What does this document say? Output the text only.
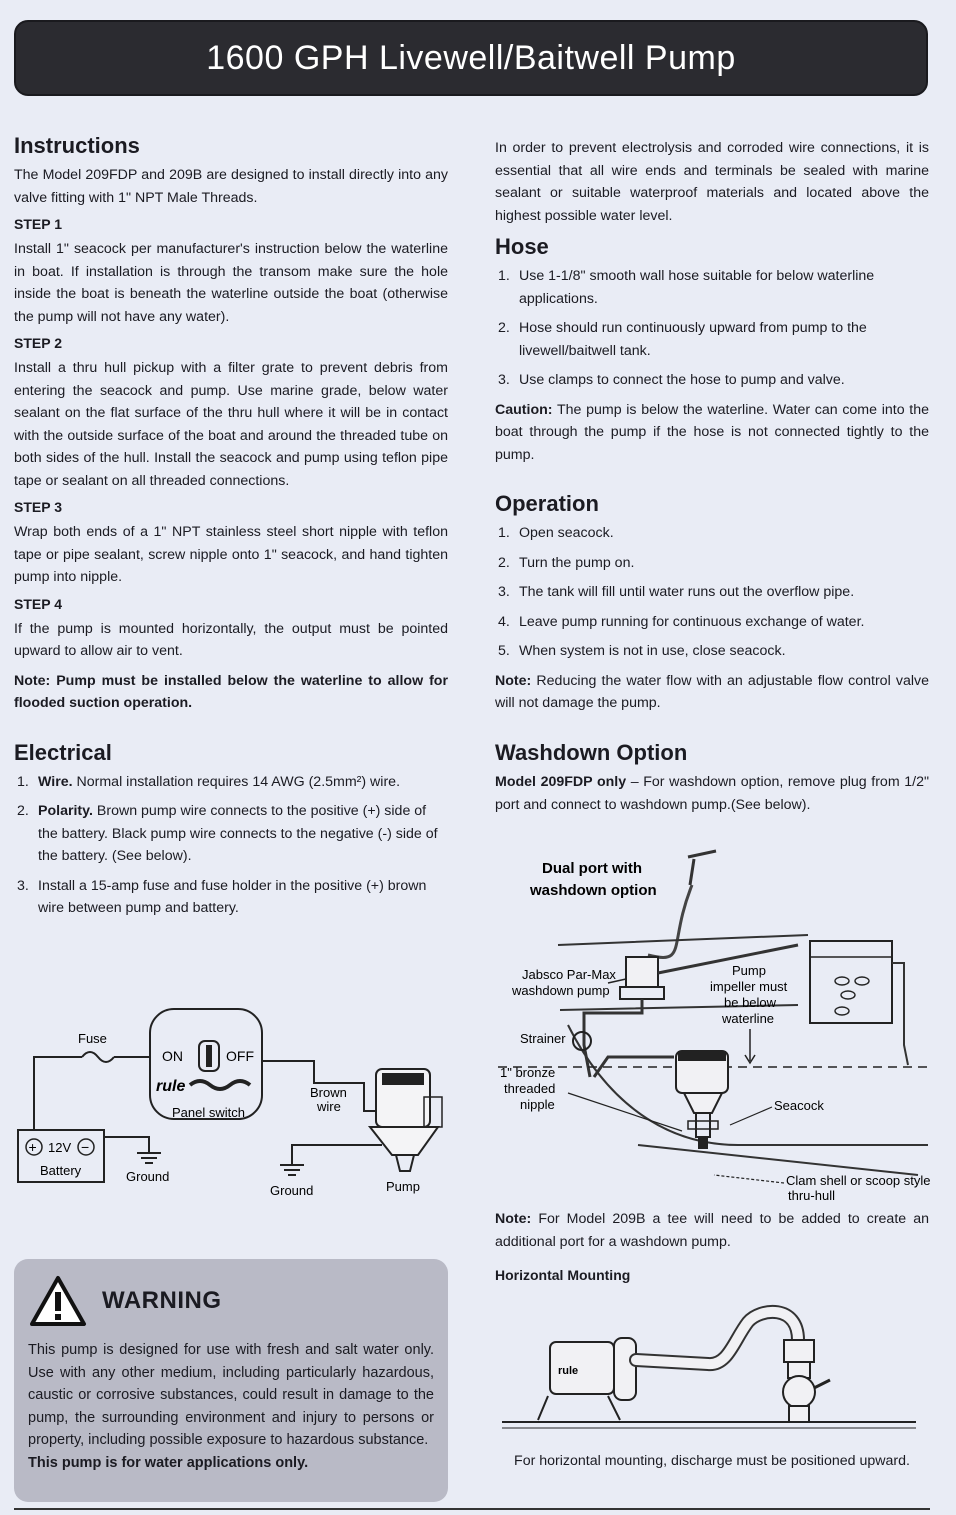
1600 GPH Livewell/Baitwell Pump
Instructions

The Model 209FDP and 209B are designed to install directly into any valve fitting with 1" NPT Male Threads.

STEP 1

Install 1" seacock per manufacturer's instruction below the waterline in boat. If installation is through the transom make sure the hole inside the boat is beneath the waterline outside the boat (otherwise the pump will not have any water).

STEP 2

Install a thru hull pickup with a filter grate to prevent debris from entering the seacock and pump. Use marine grade, below water sealant on the flat surface of the thru hull where it will be in contact with the outside surface of the boat and around the threaded tube on both sides of the hull. Install the seacock and pump using teflon pipe tape or sealant on all threaded connections.

STEP 3

Wrap both ends of a 1" NPT stainless steel short nipple with teflon tape or pipe sealant, screw nipple onto 1" seacock, and hand tighten pump into nipple.

STEP 4

If the pump is mounted horizontally, the output must be pointed upward to allow air to vent.

Note: Pump must be installed below the waterline to allow for flooded suction operation.

Electrical
1. Wire. Normal installation requires 14 AWG (2.5mm²) wire.
2. Polarity. Brown pump wire connects to the positive (+) side of the battery. Black pump wire connects to the negative (-) side of the battery. (See below).
3. Install a 15-amp fuse and fuse holder in the positive (+) brown wire between pump and battery.
Fuse
ON	OFF
rule
Panel switch
Brown
wire
+ 12V −
Battery	Ground
Ground	Pump
WARNING

This pump is designed for use with fresh and salt water only. Use with any other medium, including particularly hazardous, caustic or corrosive substances, could result in damage to the pump, the surrounding environment and injury to persons or property, including possible exposure to hazardous substance.

This pump is for water applications only.

In order to prevent electrolysis and corroded wire connections, it is essential that all wire ends and terminals be sealed with marine sealant or suitable waterproof materials and located above the highest possible water level.

Hose
1. Use 1-1/8" smooth wall hose suitable for below waterline applications.
2. Hose should run continuously upward from pump to the livewell/baitwell tank.
3. Use clamps to connect the hose to pump and valve.

Caution: The pump is below the waterline. Water can come into the boat through the pump if the hose is not connected tightly to the pump.

Operation
1. Open seacock.
2. Turn the pump on.
3. The tank will fill until water runs out the overflow pipe.
4. Leave pump running for continuous exchange of water.
5. When system is not in use, close seacock.

Note: Reducing the water flow with an adjustable flow control valve will not damage the pump.

Washdown Option

Model 209FDP only – For washdown option, remove plug from 1/2" port and connect to washdown pump.(See below).

Dual port with
washdown option
Jabsco Par-Max
washdown pump
Strainer
Pump
impeller must
be below
waterline
1" bronze
threaded
nipple	Seacock
Clam shell or scoop style
thru-hull

Note: For Model 209B a tee will need to be added to create an additional port for a washdown pump.

Horizontal Mounting
rule

For horizontal mounting, discharge must be positioned upward.
